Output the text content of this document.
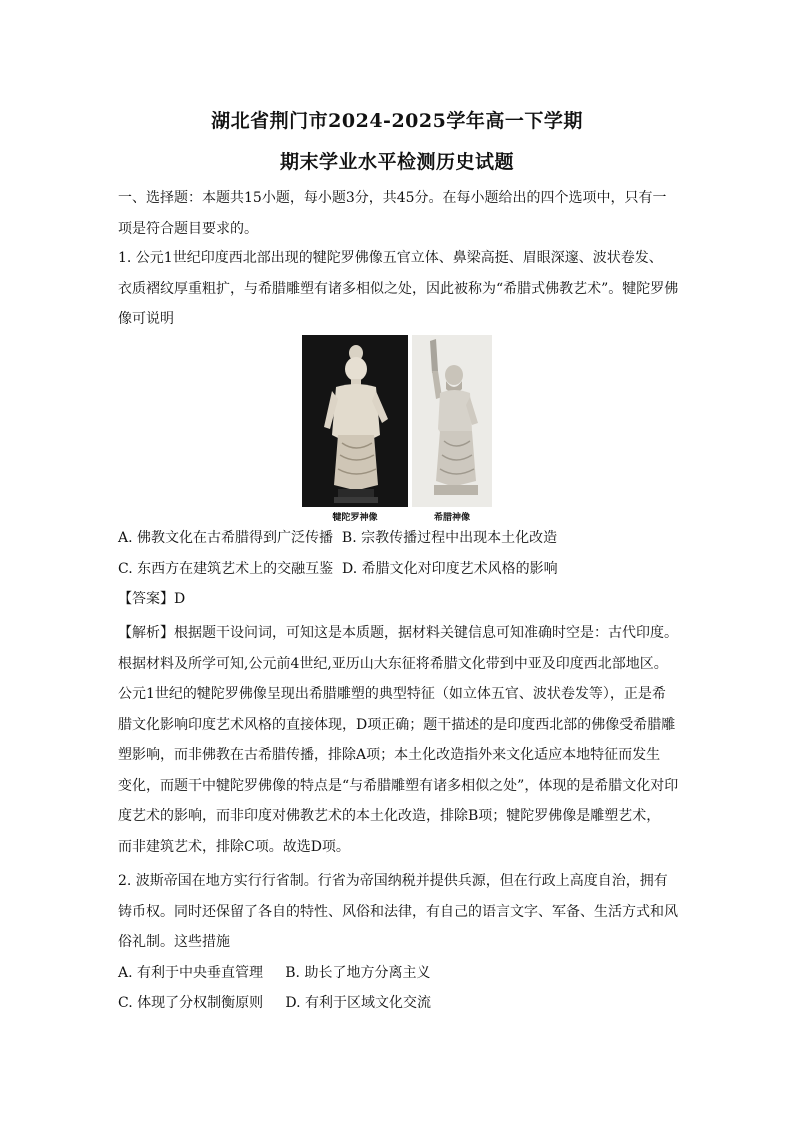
湖北省荆门市2024-2025学年高一下学期
期末学业水平检测历史试题

一、选择题：本题共15小题，每小题3分，共45分。在每小题给出的四个选项中，只有一

项是符合题目要求的。

1. 公元1世纪印度西北部出现的犍陀罗佛像五官立体、鼻梁高挺、眉眼深邃、波状卷发、

衣质褶纹厚重粗扩，与希腊雕塑有诸多相似之处，因此被称为“希腊式佛教艺术”。犍陀罗佛

像可说明

犍陀罗神像	希腊神像

A. 佛教文化在古希腊得到广泛传播  B. 宗教传播过程中出现本土化改造

C. 东西方在建筑艺术上的交融互鉴  D. 希腊文化对印度艺术风格的影响

【答案】D

【解析】根据题干设问词，可知这是本质题，据材料关键信息可知准确时空是：古代印度。

根据材料及所学可知,公元前4世纪,亚历山大东征将希腊文化带到中亚及印度西北部地区。

公元1世纪的犍陀罗佛像呈现出希腊雕塑的典型特征（如立体五官、波状卷发等），正是希

腊文化影响印度艺术风格的直接体现，D项正确；题干描述的是印度西北部的佛像受希腊雕

塑影响，而非佛教在古希腊传播，排除A项；本土化改造指外来文化适应本地特征而发生

变化，而题干中犍陀罗佛像的特点是“与希腊雕塑有诸多相似之处”，体现的是希腊文化对印

度艺术的影响，而非印度对佛教艺术的本土化改造，排除B项；犍陀罗佛像是雕塑艺术，

而非建筑艺术，排除C项。故选D项。

2. 波斯帝国在地方实行行省制。行省为帝国纳税并提供兵源，但在行政上高度自治，拥有

铸币权。同时还保留了各自的特性、风俗和法律，有自己的语言文字、军备、生活方式和风

俗礼制。这些措施

A. 有利于中央垂直管理     B. 助长了地方分离主义

C. 体现了分权制衡原则     D. 有利于区域文化交流
